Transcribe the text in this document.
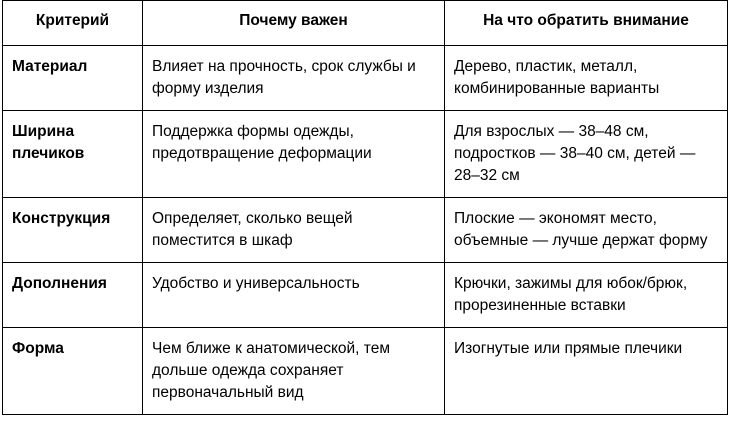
Критерий	Почему важен	На что обратить внимание
Материал	Влияет на прочность, срок службы и форму изделия	Дерево, пластик, металл, комбинированные варианты
Ширина плечиков	Поддержка формы одежды, предотвращение деформации	Для взрослых — 38–48 см, подростков — 38–40 см, детей — 28–32 см
Конструкция	Определяет, сколько вещей поместится в шкаф	Плоские — экономят место, объемные — лучше держат форму
Дополнения	Удобство и универсальность	Крючки, зажимы для юбок/брюк, прорезиненные вставки
Форма	Чем ближе к анатомической, тем дольше одежда сохраняет первоначальный вид	Изогнутые или прямые плечики
